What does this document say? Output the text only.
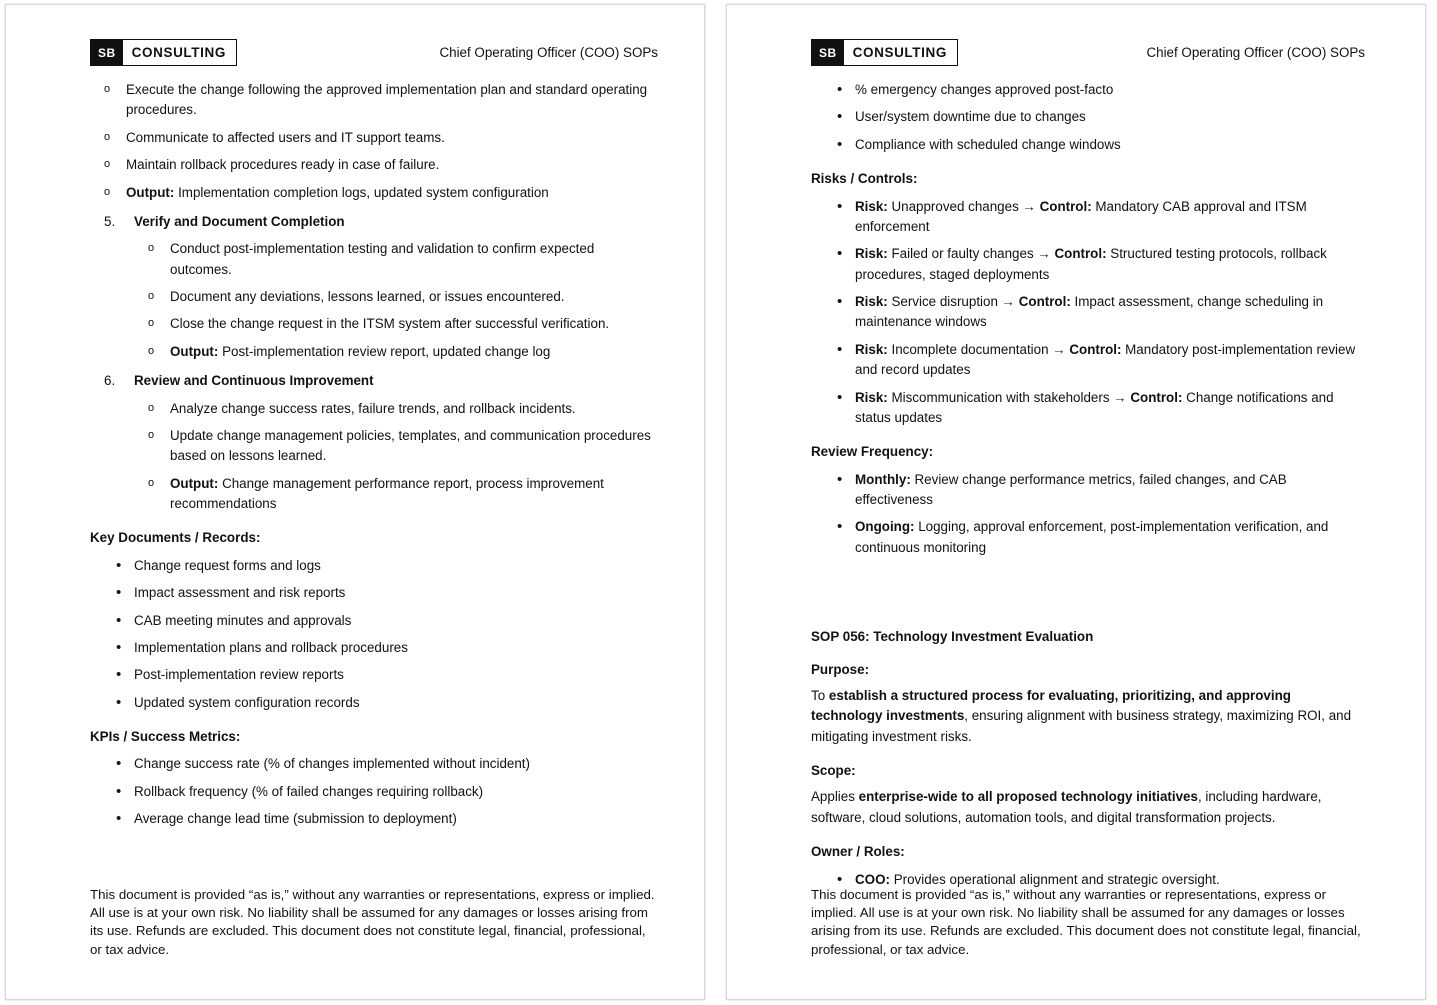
SB	CONSULTING	Chief Operating Officer (COO) SOPs
o Execute the change following the approved implementation plan and standard operating procedures.
o Communicate to affected users and IT support teams.
o Maintain rollback procedures ready in case of failure.
o Output: Implementation completion logs, updated system configuration
5. Verify and Document Completion
o Conduct post-implementation testing and validation to confirm expected outcomes.
o Document any deviations, lessons learned, or issues encountered.
o Close the change request in the ITSM system after successful verification.
o Output: Post-implementation review report, updated change log
6. Review and Continuous Improvement
o Analyze change success rates, failure trends, and rollback incidents.
o Update change management policies, templates, and communication procedures based on lessons learned.
o Output: Change management performance report, process improvement recommendations
Key Documents / Records:
• Change request forms and logs
• Impact assessment and risk reports
• CAB meeting minutes and approvals
• Implementation plans and rollback procedures
• Post-implementation review reports
• Updated system configuration records
KPIs / Success Metrics:
• Change success rate (% of changes implemented without incident)
• Rollback frequency (% of failed changes requiring rollback)
• Average change lead time (submission to deployment)
This document is provided “as is,” without any warranties or representations, express or implied. All use is at your own risk. No liability shall be assumed for any damages or losses arising from its use. Refunds are excluded. This document does not constitute legal, financial, professional, or tax advice.
SB	CONSULTING	Chief Operating Officer (COO) SOPs
• % emergency changes approved post-facto
• User/system downtime due to changes
• Compliance with scheduled change windows
Risks / Controls:
• Risk: Unapproved changes → Control: Mandatory CAB approval and ITSM enforcement
• Risk: Failed or faulty changes → Control: Structured testing protocols, rollback procedures, staged deployments
• Risk: Service disruption → Control: Impact assessment, change scheduling in maintenance windows
• Risk: Incomplete documentation → Control: Mandatory post-implementation review and record updates
• Risk: Miscommunication with stakeholders → Control: Change notifications and status updates
Review Frequency:
• Monthly: Review change performance metrics, failed changes, and CAB effectiveness
• Ongoing: Logging, approval enforcement, post-implementation verification, and continuous monitoring
SOP 056: Technology Investment Evaluation
Purpose:
To establish a structured process for evaluating, prioritizing, and approving technology investments, ensuring alignment with business strategy, maximizing ROI, and mitigating investment risks.
Scope:
Applies enterprise-wide to all proposed technology initiatives, including hardware, software, cloud solutions, automation tools, and digital transformation projects.
Owner / Roles:
• COO: Provides operational alignment and strategic oversight.
This document is provided “as is,” without any warranties or representations, express or implied. All use is at your own risk. No liability shall be assumed for any damages or losses arising from its use. Refunds are excluded. This document does not constitute legal, financial, professional, or tax advice.
